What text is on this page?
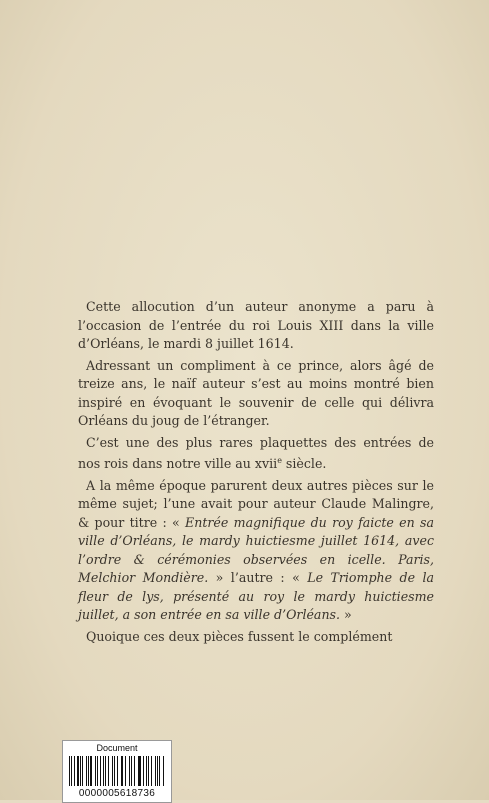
Cette allocution d’un auteur anonyme a paru à l’occasion de l’entrée du roi Louis XIII dans la ville d’Orléans, le mardi 8 juillet 1614.

Adressant un compliment à ce prince, alors âgé de treize ans, le naïf auteur s’est au moins montré bien inspiré en évoquant le souvenir de celle qui délivra Orléans du joug de l’étranger.

C’est une des plus rares plaquettes des entrées de nos rois dans notre ville au xvii$^e$ siècle.

A la même époque parurent deux autres pièces sur le même sujet; l’une avait pour auteur Claude Malingre, & pour titre : « Entrée magnifique du roy faicte en sa ville d’Orléans, le mardy huictiesme juillet 1614, avec l’ordre & cérémonies observées en icelle. Paris, Melchior Mondière. » l’autre : « Le Triomphe de la fleur de lys, présenté au roy le mardy huictiesme juillet, a son entrée en sa ville d’Orléans. »

Quoique ces deux pièces fussent le complément

Document
0000005618736
